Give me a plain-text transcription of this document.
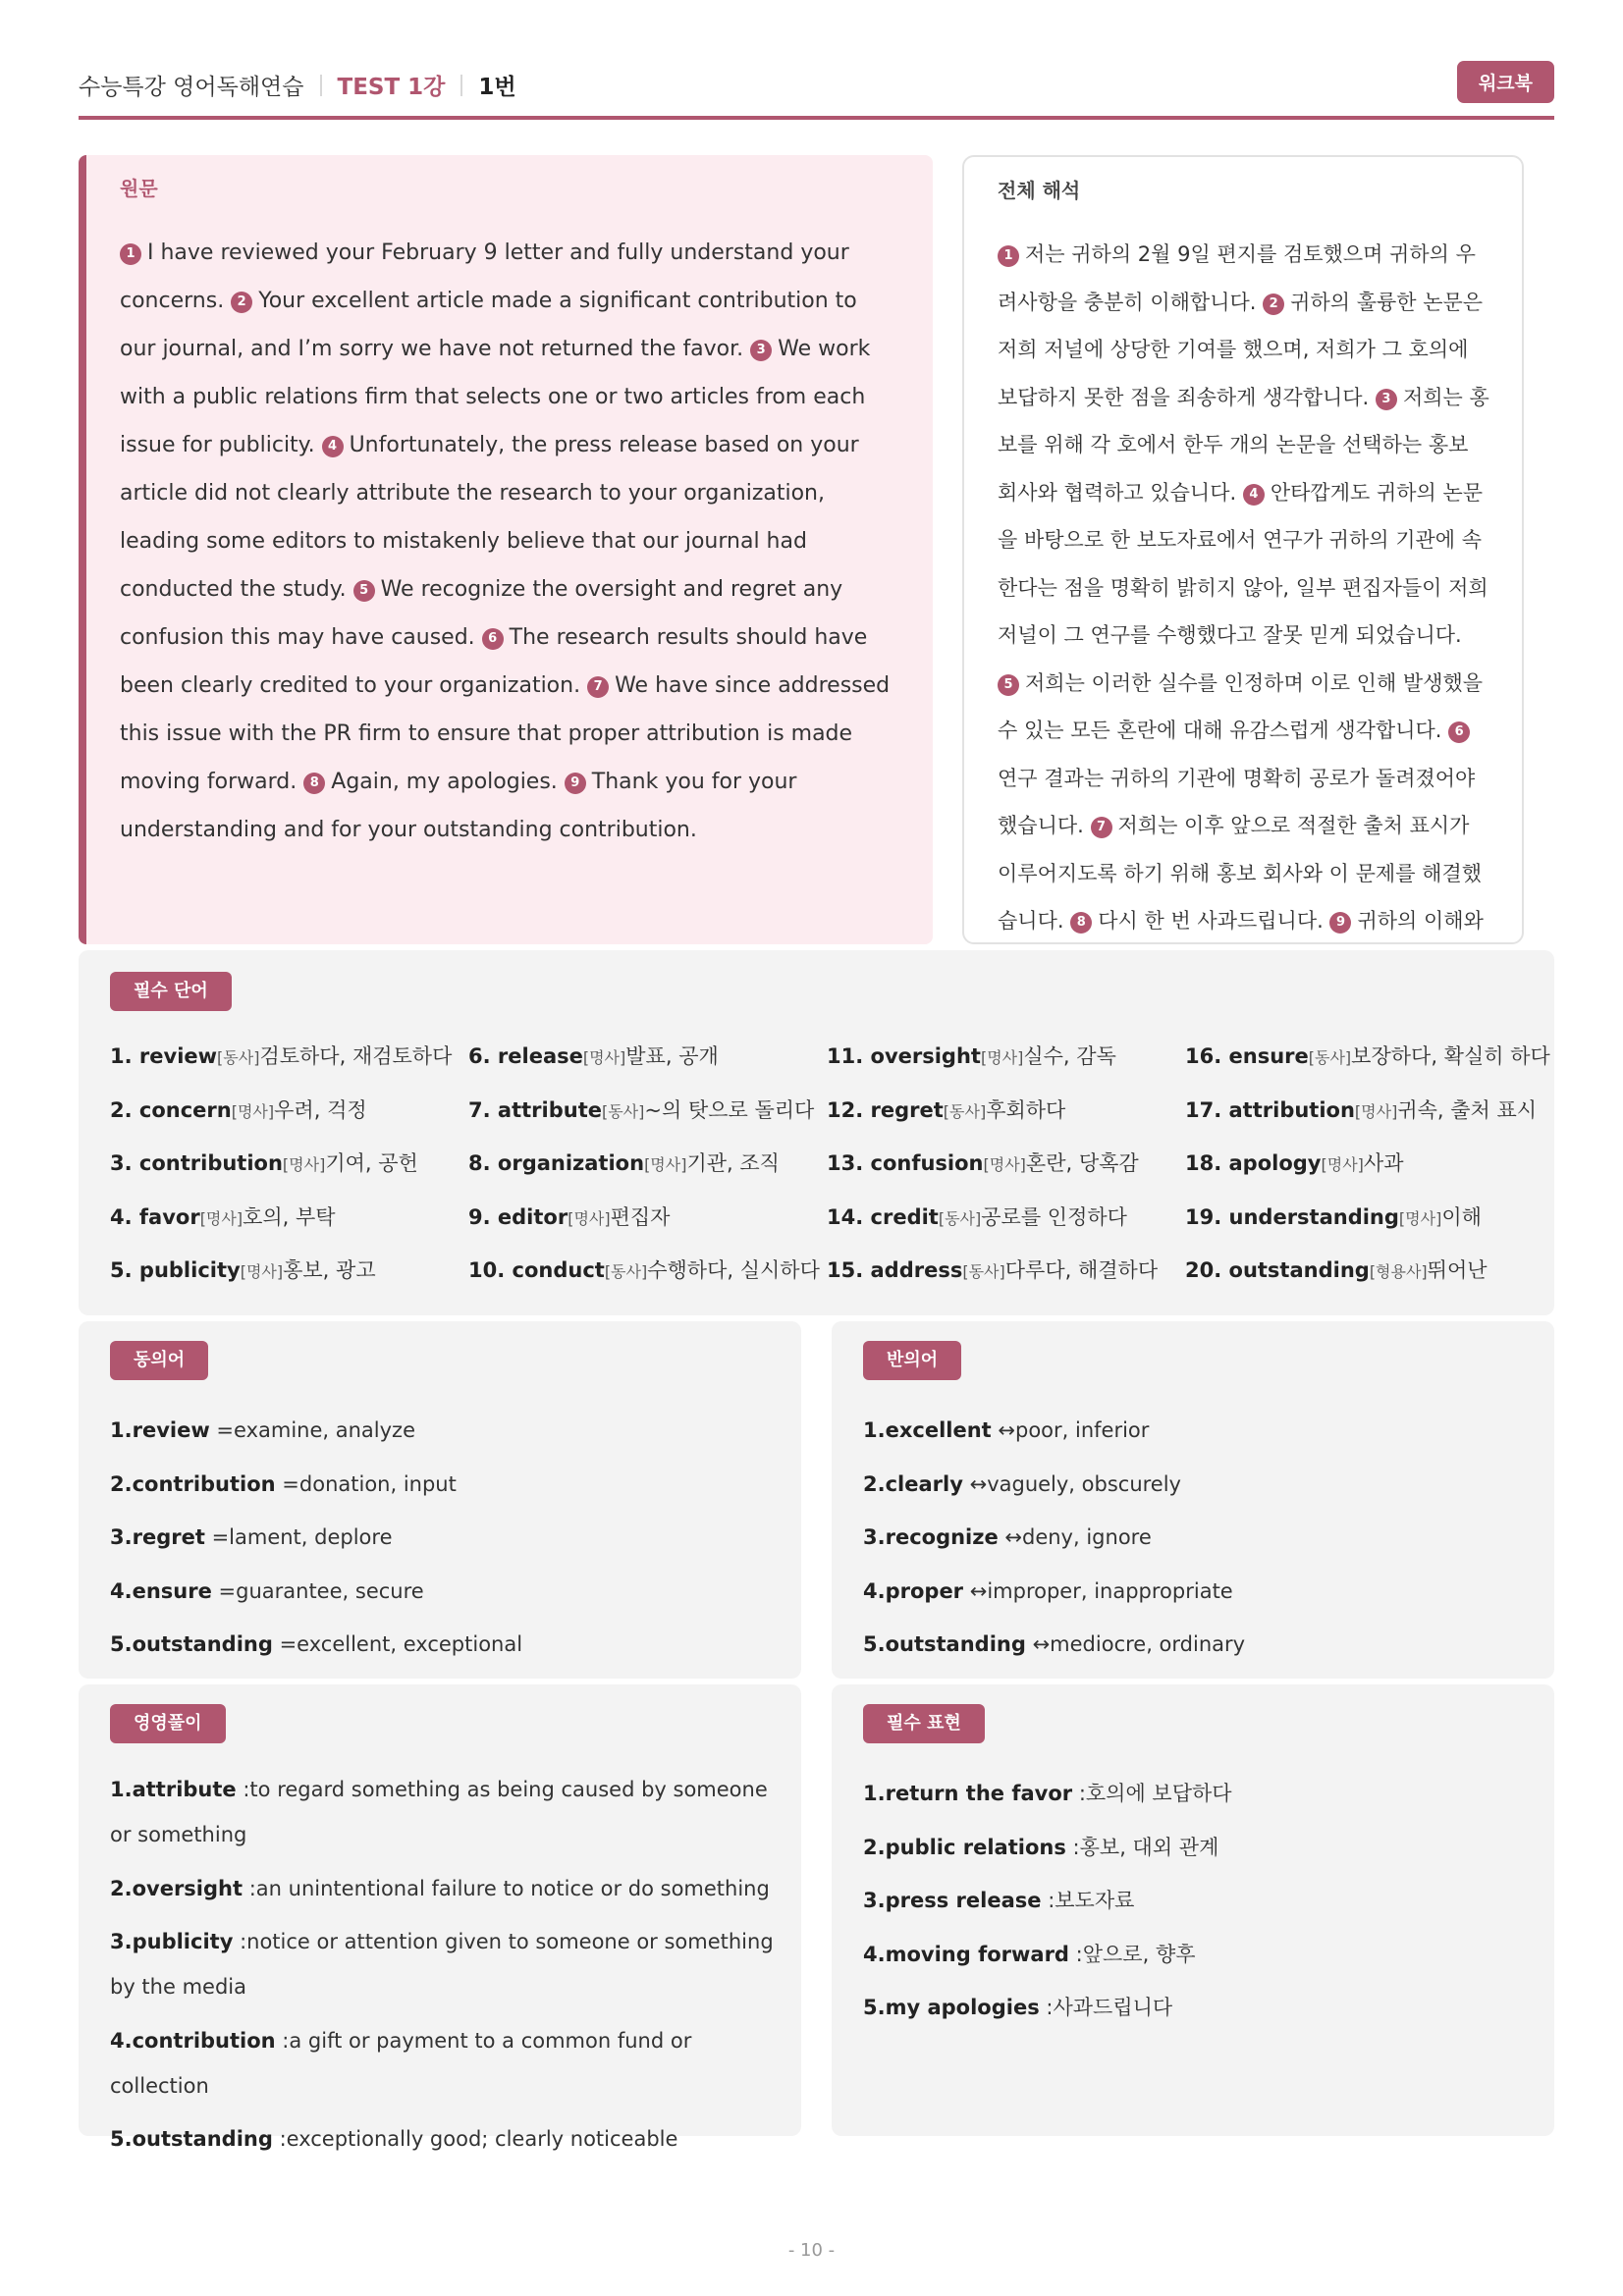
수능특강 영어독해연습 TEST 1강 1번	워크북
원문
1 I have reviewed your February 9 letter and fully understand your concerns. 2 Your excellent article made a significant contribution to our journal, and I’m sorry we have not returned the favor. 3 We work with a public relations firm that selects one or two articles from each issue for publicity. 4 Unfortunately, the press release based on your article did not clearly attribute the research to your organization, leading some editors to mistakenly believe that our journal had conducted the study. 5 We recognize the oversight and regret any confusion this may have caused. 6 The research results should have been clearly credited to your organization. 7 We have since addressed this issue with the PR firm to ensure that proper attribution is made moving forward. 8 Again, my apologies. 9 Thank you for your understanding and for your outstanding contribution.
전체 해석
1 저는 귀하의 2월 9일 편지를 검토했으며 귀하의 우려사항을 충분히 이해합니다. 2 귀하의 훌륭한 논문은 저희 저널에 상당한 기여를 했으며, 저희가 그 호의에 보답하지 못한 점을 죄송하게 생각합니다. 3 저희는 홍보를 위해 각 호에서 한두 개의 논문을 선택하는 홍보 회사와 협력하고 있습니다. 4 안타깝게도 귀하의 논문을 바탕으로 한 보도자료에서 연구가 귀하의 기관에 속한다는 점을 명확히 밝히지 않아, 일부 편집자들이 저희 저널이 그 연구를 수행했다고 잘못 믿게 되었습니다. 5 저희는 이러한 실수를 인정하며 이로 인해 발생했을 수 있는 모든 혼란에 대해 유감스럽게 생각합니다. 6연구 결과는 귀하의 기관에 명확히 공로가 돌려졌어야 했습니다. 7 저희는 이후 앞으로 적절한 출처 표시가 이루어지도록 하기 위해 홍보 회사와 이 문제를 해결했습니다. 8 다시 한 번 사과드립니다. 9 귀하의 이해와
필수 단어
1. review[동사]검토하다, 재검토하다
2. concern[명사]우려, 걱정
3. contribution[명사]기여, 공헌
4. favor[명사]호의, 부탁
5. publicity[명사]홍보, 광고
6. release[명사]발표, 공개
7. attribute[동사]~의 탓으로 돌리다
8. organization[명사]기관, 조직
9. editor[명사]편집자
10. conduct[동사]수행하다, 실시하다
11. oversight[명사]실수, 감독
12. regret[동사]후회하다
13. confusion[명사]혼란, 당혹감
14. credit[동사]공로를 인정하다
15. address[동사]다루다, 해결하다
16. ensure[동사]보장하다, 확실히 하다
17. attribution[명사]귀속, 출처 표시
18. apology[명사]사과
19. understanding[명사]이해
20. outstanding[형용사]뛰어난
동의어
1.review =examine, analyze
2.contribution =donation, input
3.regret =lament, deplore
4.ensure =guarantee, secure
5.outstanding =excellent, exceptional
반의어
1.excellent ↔poor, inferior
2.clearly ↔vaguely, obscurely
3.recognize ↔deny, ignore
4.proper ↔improper, inappropriate
5.outstanding ↔mediocre, ordinary
영영풀이
1.attribute :to regard something as being caused by someone or something
2.oversight :an unintentional failure to notice or do something
3.publicity :notice or attention given to someone or something by the media
4.contribution :a gift or payment to a common fund or collection
5.outstanding :exceptionally good; clearly noticeable
필수 표현
1.return the favor :호의에 보답하다
2.public relations :홍보, 대외 관계
3.press release :보도자료
4.moving forward :앞으로, 향후
5.my apologies :사과드립니다
- 10 -
